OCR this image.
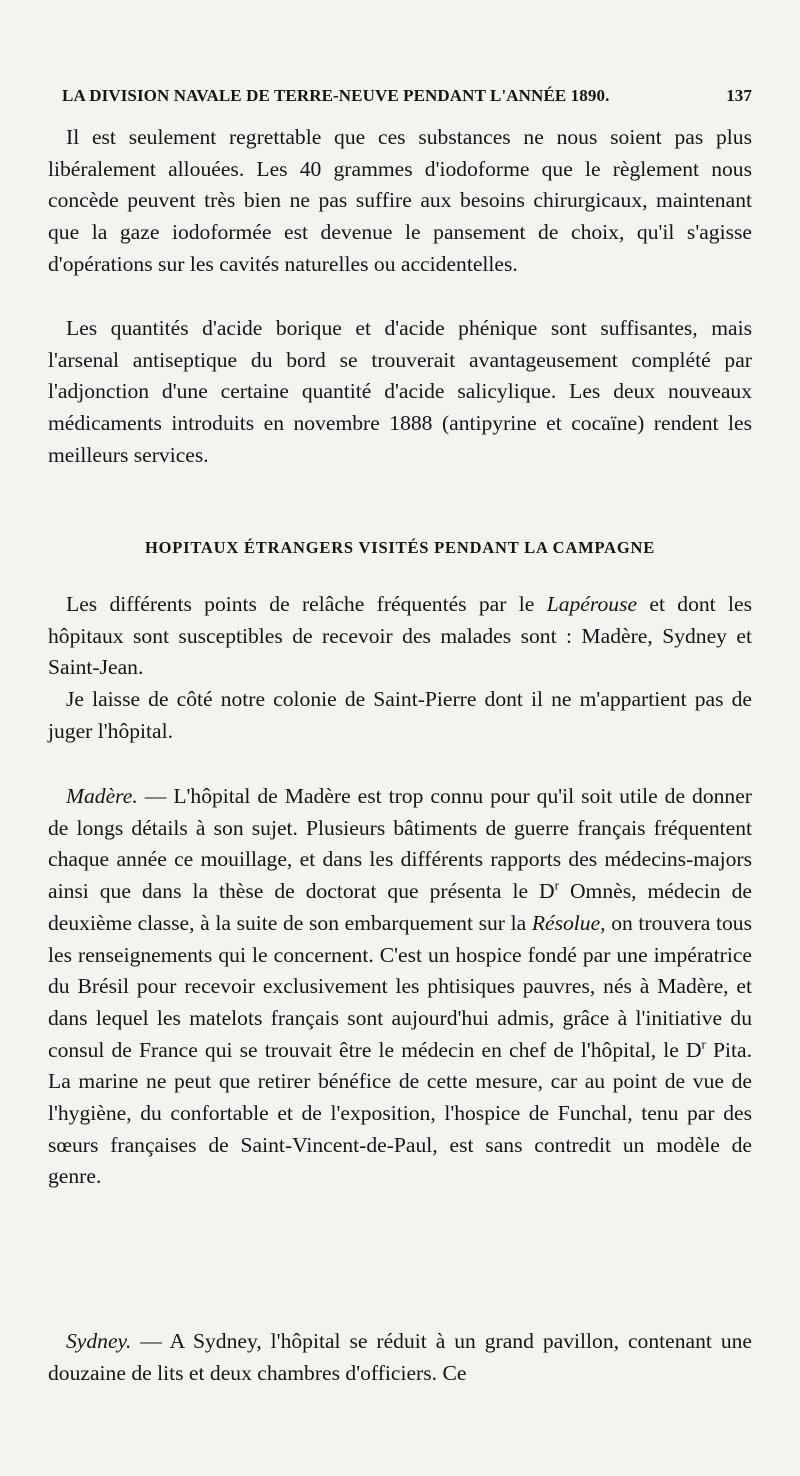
LA DIVISION NAVALE DE TERRE-NEUVE PENDANT L'ANNÉE 1890.	137

Il est seulement regrettable que ces substances ne nous soient pas plus libéralement allouées. Les 40 grammes d'iodoforme que le règlement nous concède peuvent très bien ne pas suffire aux besoins chirurgicaux, maintenant que la gaze iodoformée est devenue le pansement de choix, qu'il s'agisse d'opérations sur les cavités naturelles ou accidentelles.

Les quantités d'acide borique et d'acide phénique sont suffisantes, mais l'arsenal antiseptique du bord se trouverait avantageusement complété par l'adjonction d'une certaine quantité d'acide salicylique. Les deux nouveaux médicaments introduits en novembre 1888 (antipyrine et cocaïne) rendent les meilleurs services.

HOPITAUX ÉTRANGERS VISITÉS PENDANT LA CAMPAGNE

Les différents points de relâche fréquentés par le Lapérouse et dont les hôpitaux sont susceptibles de recevoir des malades sont : Madère, Sydney et Saint-Jean.

Je laisse de côté notre colonie de Saint-Pierre dont il ne m'appartient pas de juger l'hôpital.

Madère. — L'hôpital de Madère est trop connu pour qu'il soit utile de donner de longs détails à son sujet. Plusieurs bâtiments de guerre français fréquentent chaque année ce mouillage, et dans les différents rapports des médecins-majors ainsi que dans la thèse de doctorat que présenta le $D^r$ Omnès, médecin de deuxième classe, à la suite de son embarquement sur la Résolue, on trouvera tous les renseignements qui le concernent. C'est un hospice fondé par une impératrice du Brésil pour recevoir exclusivement les phtisiques pauvres, nés à Madère, et dans lequel les matelots français sont aujourd'hui admis, grâce à l'initiative du consul de France qui se trouvait être le médecin en chef de l'hôpital, le $D^r$ Pita. La marine ne peut que retirer bénéfice de cette mesure, car au point de vue de l'hygiène, du confortable et de l'exposition, l'hospice de Funchal, tenu par des sœurs françaises de Saint-Vincent-de-Paul, est sans contredit un modèle de genre.

Sydney. — A Sydney, l'hôpital se réduit à un grand pavillon, contenant une douzaine de lits et deux chambres d'officiers. Ce
